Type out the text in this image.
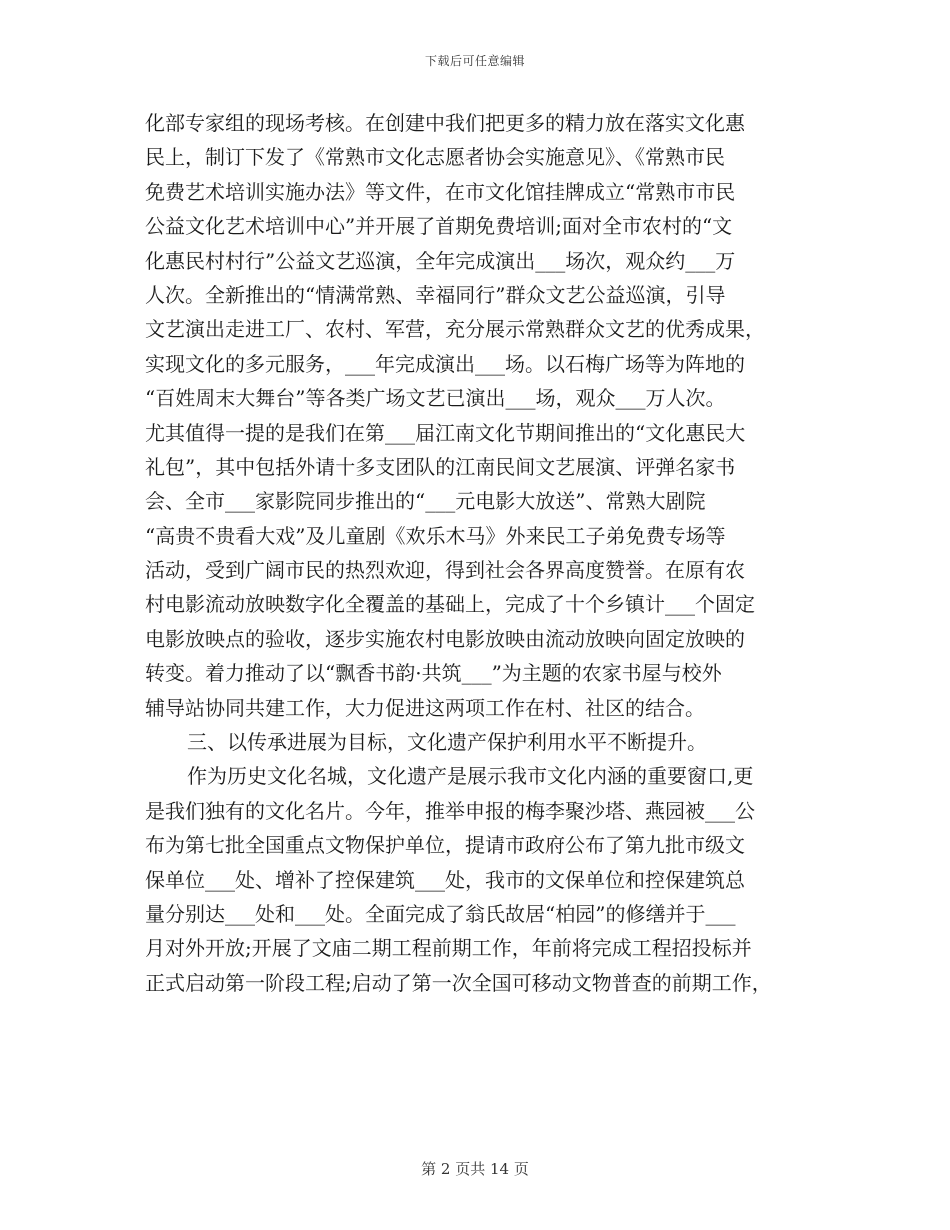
下载后可任意编辑
化部专家组的现场考核。在创建中我们把更多的精力放在落实文化惠
民上，制订下发了《常熟市文化志愿者协会实施意见》、《常熟市民
免费艺术培训实施办法》等文件，在市文化馆挂牌成立“常熟市市民
公益文化艺术培训中心”并开展了首期免费培训;面对全市农村的“文
化惠民村村行”公益文艺巡演，全年完成演出___场次，观众约___万
人次。全新推出的“情满常熟、幸福同行”群众文艺公益巡演，引导
文艺演出走进工厂、农村、军营，充分展示常熟群众文艺的优秀成果，
实现文化的多元服务，___年完成演出___场。以石梅广场等为阵地的
“百姓周末大舞台”等各类广场文艺已演出___场，观众___万人次。
尤其值得一提的是我们在第___届江南文化节期间推出的“文化惠民大
礼包”，其中包括外请十多支团队的江南民间文艺展演、评弹名家书
会、全市___家影院同步推出的“___元电影大放送”、常熟大剧院
“高贵不贵看大戏”及儿童剧《欢乐木马》外来民工子弟免费专场等
活动，受到广阔市民的热烈欢迎，得到社会各界高度赞誉。在原有农
村电影流动放映数字化全覆盖的基础上，完成了十个乡镇计___个固定
电影放映点的验收，逐步实施农村电影放映由流动放映向固定放映的
转变。着力推动了以“飘香书韵·共筑___”为主题的农家书屋与校外
辅导站协同共建工作，大力促进这两项工作在村、社区的结合。
三、以传承进展为目标，文化遗产保护利用水平不断提升。
作为历史文化名城，文化遗产是展示我市文化内涵的重要窗口,更
是我们独有的文化名片。今年，推举申报的梅李聚沙塔、燕园被___公
布为第七批全国重点文物保护单位，提请市政府公布了第九批市级文
保单位___处、增补了控保建筑___处，我市的文保单位和控保建筑总
量分别达___处和___处。全面完成了翁氏故居“柏园”的修缮并于___
月对外开放;开展了文庙二期工程前期工作，年前将完成工程招投标并
正式启动第一阶段工程;启动了第一次全国可移动文物普查的前期工作，
第 2 页共 14 页
